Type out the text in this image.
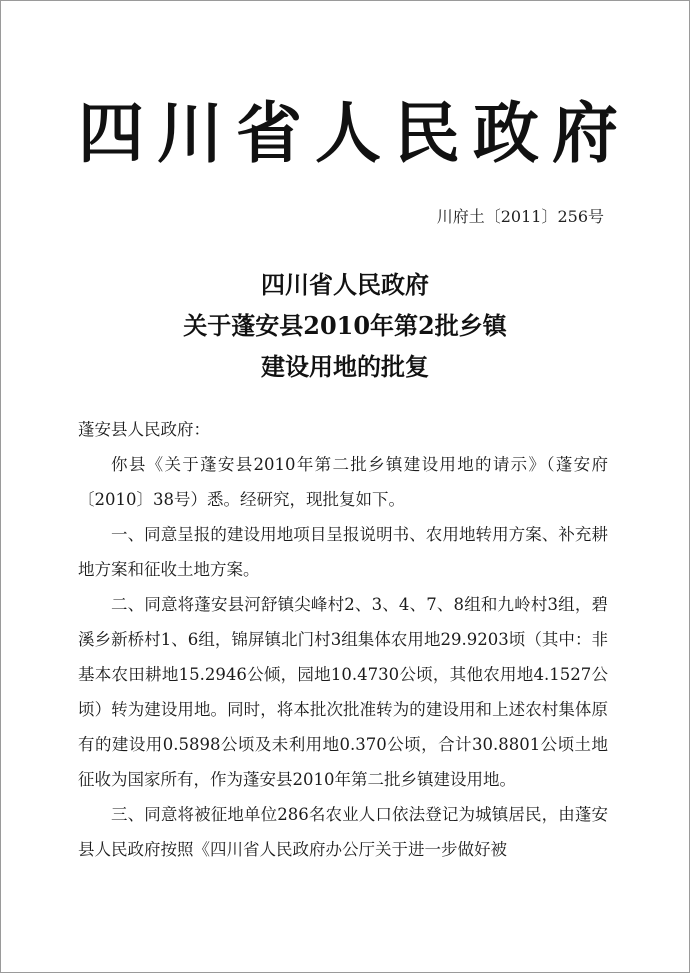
四 川 省 人 民 政 府
川府土〔2011〕256号
四川省人民政府
关于蓬安县2010年第2批乡镇
建设用地的批复

蓬安县人民政府：

你县《关于蓬安县2010年第二批乡镇建设用地的请示》（蓬安府〔2010〕38号）悉。经研究，现批复如下。

一、同意呈报的建设用地项目呈报说明书、农用地转用方案、补充耕地方案和征收土地方案。

二、同意将蓬安县河舒镇尖峰村2、3、4、7、8组和九岭村3组，碧溪乡新桥村1、6组，锦屏镇北门村3组集体农用地29.9203顷（其中：非基本农田耕地15.2946公倾，园地10.4730公顷，其他农用地4.1527公顷）转为建设用地。同时，将本批次批准转为的建设用和上述农村集体原有的建设用0.5898公顷及未利用地0.370公顷，合计30.8801公顷土地征收为国家所有，作为蓬安县2010年第二批乡镇建设用地。

三、同意将被征地单位286名农业人口依法登记为城镇居民，由蓬安县人民政府按照《四川省人民政府办公厅关于进一步做好被
